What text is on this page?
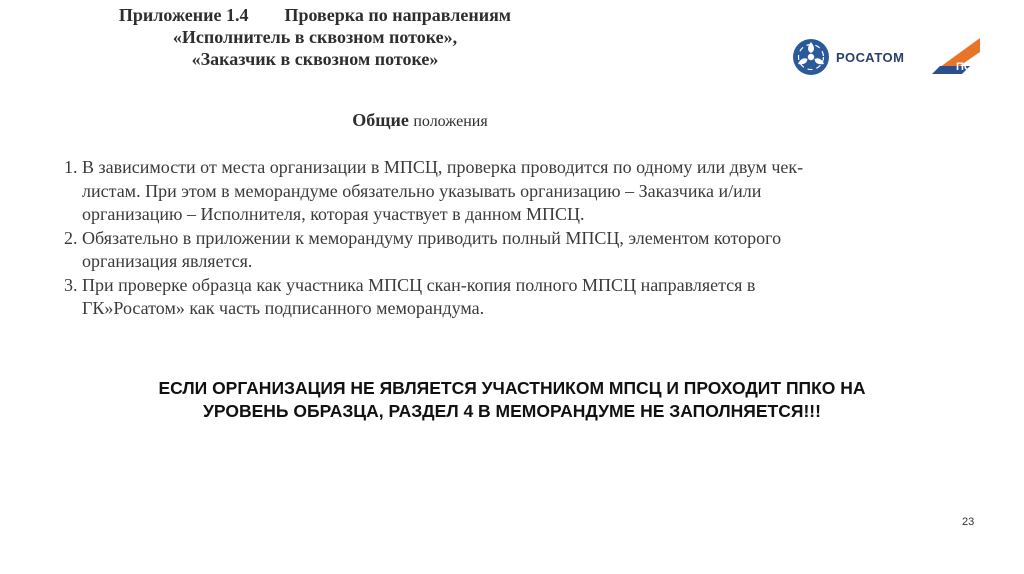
Приложение 1.4 Проверка по направлениям
«Исполнитель в сквозном потоке»,
«Заказчик в сквозном потоке»	РОСАТОМ
ПСР
Общие положения
1. В зависимости от места организации в МПСЦ, проверка проводится по одному или двум чек-листам. При этом в меморандуме обязательно указывать организацию – Заказчика и/или организацию – Исполнителя, которая участвует в данном МПСЦ.
2. Обязательно в приложении к меморандуму приводить полный МПСЦ, элементом которого организация является.
3. При проверке образца как участника МПСЦ скан-копия полного МПСЦ направляется в ГК»Росатом» как часть подписанного меморандума.
ЕСЛИ ОРГАНИЗАЦИЯ НЕ ЯВЛЯЕТСЯ УЧАСТНИКОМ МПСЦ И ПРОХОДИТ ППКО НА
УРОВЕНЬ ОБРАЗЦА, РАЗДЕЛ 4 В МЕМОРАНДУМЕ НЕ ЗАПОЛНЯЕТСЯ!!!
23
